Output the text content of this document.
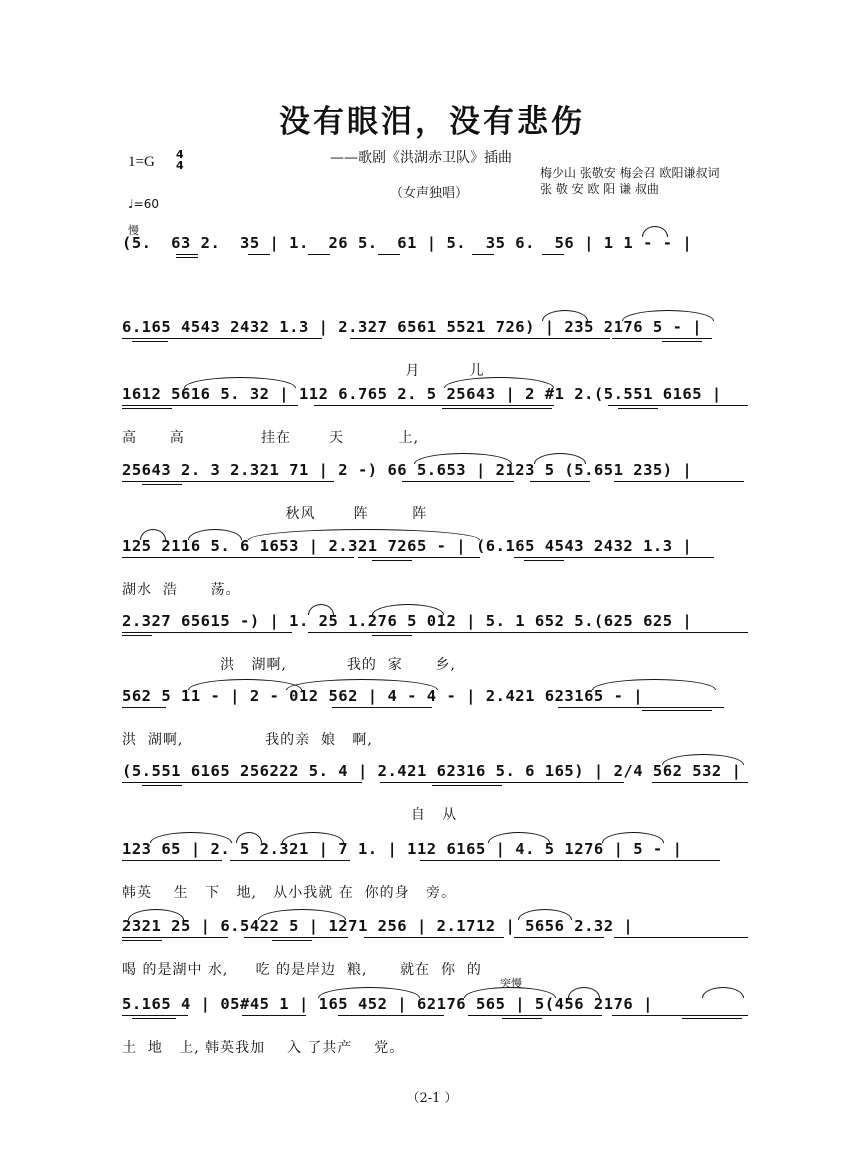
没有眼泪，没有悲伤
——歌剧《洪湖赤卫队》插曲
1=G 4
4
（女声独唱）
梅少山 张敬安 梅会召 欧阳谦叔词
张 敬 安 欧 阳 谦 叔曲
♩=60
慢
突慢
(5.  63 2.  35 | 1.  26 5.  61 | 5.  35 6.  56 | 1 1 - - |
6.165 4543 2432 1.3 | 2.327 6561 5521 726) | 235 2176 5 - |
月         儿
1612 5616 5. 32 | 112 6.765 2. 5 25643 | 2 #1 2.(5.551 6165 |
高      高              挂在       天          上,
25643 2. 3 2.321 71 | 2 -) 66 5.653 | 2123 5 (5.651 235) |
秋风       阵        阵
125 2116 5. 6 1653 | 2.321 7265 - | (6.165 4543 2432 1.3 |
湖水  浩      荡。
2.327 65615 -) | 1. 25 1.276 5 012 | 5. 1 652 5.(625 625 |
洪   湖啊,           我的  家      乡,
562 5 11 - | 2 - 012 562 | 4 - 4 - | 2.421 623165 - |
洪  湖啊,               我的亲  娘   啊,
(5.551 6165 256222 5. 4 | 2.421 62316 5. 6 165) | 2/4 562 532 |
自   从
123 65 | 2. 5 2.321 | 7 1. | 112 6165 | 4. 5 1276 | 5 - |
韩英    生   下   地,   从小我就 在  你的身   旁。
2321 25 | 6.5422 5 | 1271 256 | 2.1712 | 5656 2.32 |
喝 的是湖中 水,     吃 的是岸边  粮,      就在  你  的
5.165 4 | 05#45 1 | 165 452 | 62176 565 | 5(456 2176 |
土  地   上, 韩英我加    入 了共产    党。
（2-1 ）
